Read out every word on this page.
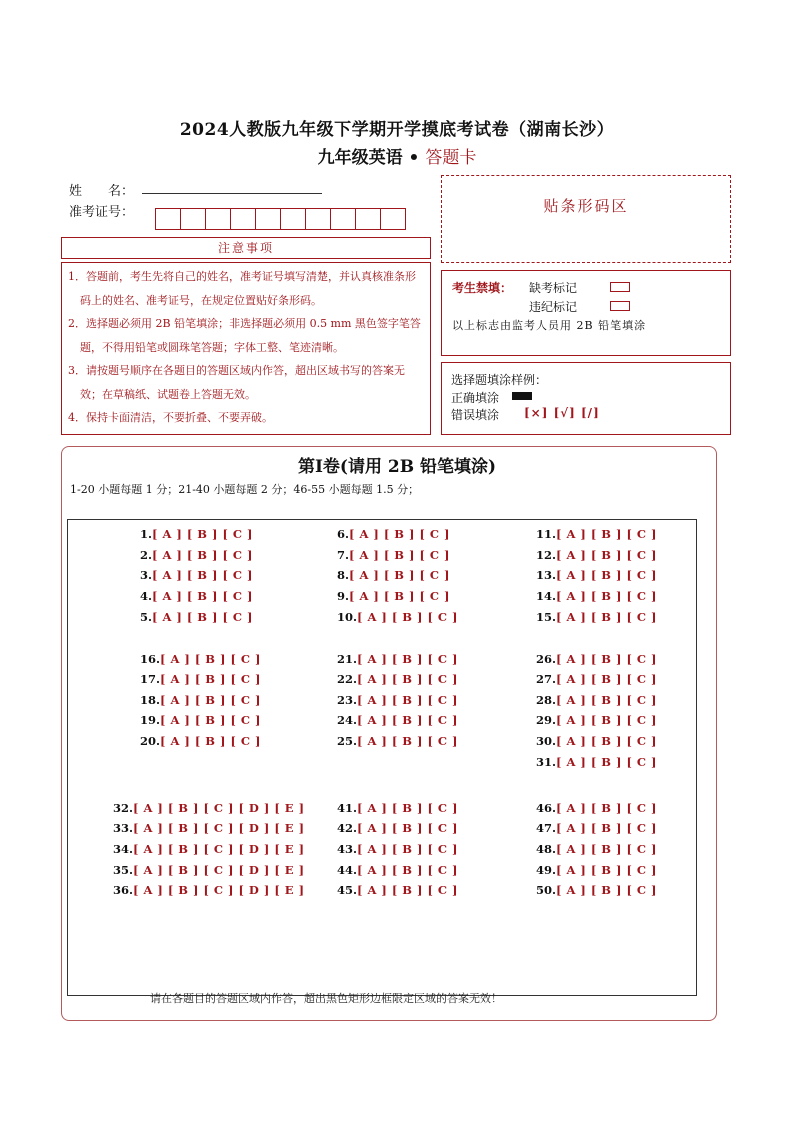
2024人教版九年级下学期开学摸底考试卷（湖南长沙）
九年级英语 • 答题卡
姓　　名：
准考证号：	贴条形码区
注意事项
1．答题前，考生先将自己的姓名，准考证号填写清楚，并认真核准条形码上的姓名、准考证号，在规定位置贴好条形码。
2．选择题必须用 2B 铅笔填涂；非选择题必须用 0.5 mm 黑色签字笔答题，不得用铅笔或圆珠笔答题；字体工整、笔迹清晰。
3．请按题号顺序在各题目的答题区域内作答，超出区域书写的答案无效；在草稿纸、试题卷上答题无效。
4．保持卡面清洁，不要折叠、不要弄破。
考生禁填： 缺考标记
违纪标记
以上标志由监考人员用 2B 铅笔填涂
选择题填涂样例：
正确填涂
错误填涂 [×] [√] [/]
第Ⅰ卷(请用 2B 铅笔填涂)
1-20 小题每题 1 分；21-40 小题每题 2 分；46-55 小题每题 1.5 分；
1.[ A ] [ B ] [ C ]
2.[ A ] [ B ] [ C ]
3.[ A ] [ B ] [ C ]
4.[ A ] [ B ] [ C ]
5.[ A ] [ B ] [ C ]
6.[ A ] [ B ] [ C ]
7.[ A ] [ B ] [ C ]
8.[ A ] [ B ] [ C ]
9.[ A ] [ B ] [ C ]
10.[ A ] [ B ] [ C ]
11.[ A ] [ B ] [ C ]
12.[ A ] [ B ] [ C ]
13.[ A ] [ B ] [ C ]
14.[ A ] [ B ] [ C ]
15.[ A ] [ B ] [ C ]
16.[ A ] [ B ] [ C ]
17.[ A ] [ B ] [ C ]
18.[ A ] [ B ] [ C ]
19.[ A ] [ B ] [ C ]
20.[ A ] [ B ] [ C ]
21.[ A ] [ B ] [ C ]
22.[ A ] [ B ] [ C ]
23.[ A ] [ B ] [ C ]
24.[ A ] [ B ] [ C ]
25.[ A ] [ B ] [ C ]
26.[ A ] [ B ] [ C ]
27.[ A ] [ B ] [ C ]
28.[ A ] [ B ] [ C ]
29.[ A ] [ B ] [ C ]
30.[ A ] [ B ] [ C ]
31.[ A ] [ B ] [ C ]
32.[ A ] [ B ] [ C ] [ D ] [ E ]
33.[ A ] [ B ] [ C ] [ D ] [ E ]
34.[ A ] [ B ] [ C ] [ D ] [ E ]
35.[ A ] [ B ] [ C ] [ D ] [ E ]
36.[ A ] [ B ] [ C ] [ D ] [ E ]
41.[ A ] [ B ] [ C ]
42.[ A ] [ B ] [ C ]
43.[ A ] [ B ] [ C ]
44.[ A ] [ B ] [ C ]
45.[ A ] [ B ] [ C ]
46.[ A ] [ B ] [ C ]
47.[ A ] [ B ] [ C ]
48.[ A ] [ B ] [ C ]
49.[ A ] [ B ] [ C ]
50.[ A ] [ B ] [ C ]
请在各题目的答题区域内作答，超出黑色矩形边框限定区域的答案无效！
